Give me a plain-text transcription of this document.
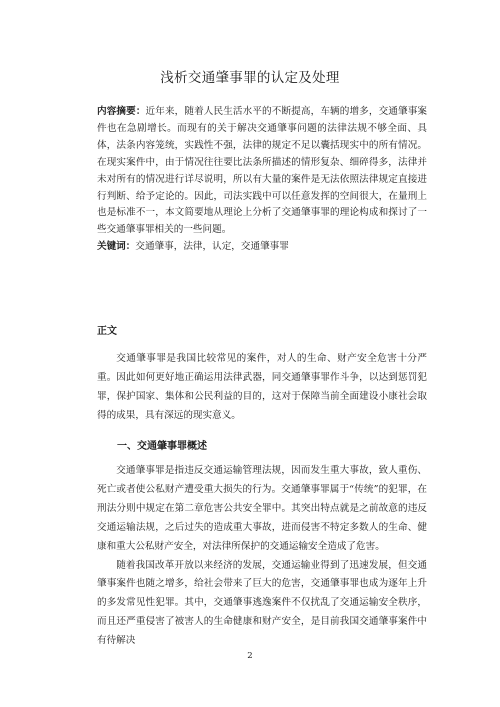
浅析交通肇事罪的认定及处理

内容摘要：近年来，随着人民生活水平的不断提高，车辆的增多，交通肇事案件也在急剧增长。而现有的关于解决交通肇事问题的法律法规不够全面、具体，法条内容笼统，实践性不强，法律的规定不足以囊括现实中的所有情况。在现实案件中，由于情况往往要比法条所描述的情形复杂、细碎得多，法律并未对所有的情况进行详尽说明，所以有大量的案件是无法依照法律规定直接进行判断、给予定论的。因此，司法实践中可以任意发挥的空间很大，在量刑上也是标准不一，本文简要地从理论上分析了交通肇事罪的理论构成和探讨了一些交通肇事罪相关的一些问题。

关键词：交通肇事，法律，认定，交通肇事罪

正文

交通肇事罪是我国比较常见的案件，对人的生命、财产安全危害十分严重。因此如何更好地正确运用法律武器，同交通肇事罪作斗争，以达到惩罚犯罪，保护国家、集体和公民利益的目的，这对于保障当前全面建设小康社会取得的成果，具有深远的现实意义。

一、交通肇事罪概述

交通肇事罪是指违反交通运输管理法规，因而发生重大事故，致人重伤、死亡或者使公私财产遭受重大损失的行为。交通肇事罪属于“传统”的犯罪，在刑法分则中规定在第二章危害公共安全罪中。其突出特点就是之前故意的违反交通运输法规，之后过失的造成重大事故，进而侵害不特定多数人的生命、健康和重大公私财产安全，对法律所保护的交通运输安全造成了危害。

随着我国改革开放以来经济的发展，交通运输业得到了迅速发展，但交通肇事案件也随之增多，给社会带来了巨大的危害，交通肇事罪也成为逐年上升的多发常见性犯罪。其中，交通肇事逃逸案件不仅扰乱了交通运输安全秩序，而且还严重侵害了被害人的生命健康和财产安全，是目前我国交通肇事案件中有待解决

2
